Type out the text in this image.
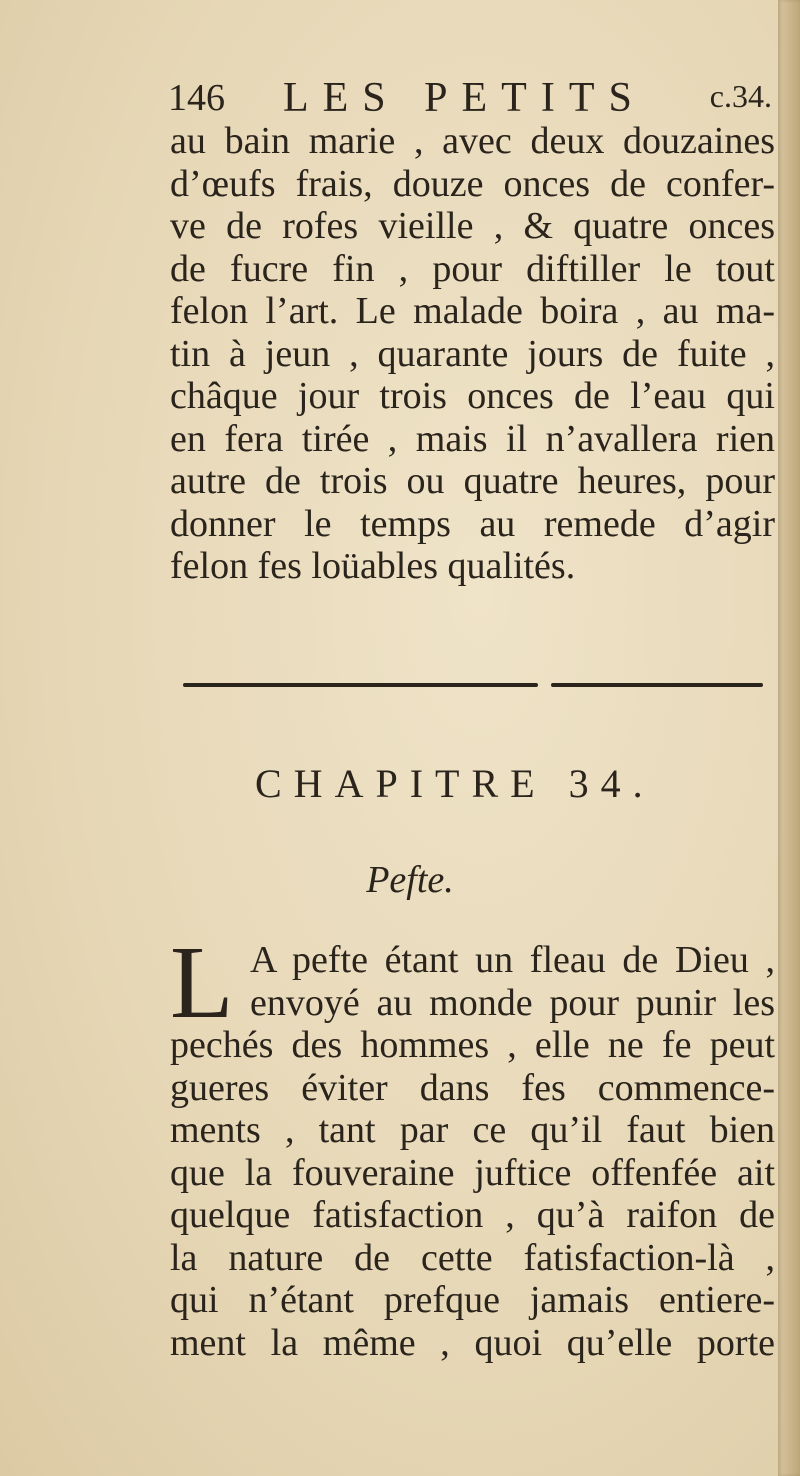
146 LES PETITS c.34.
au bain marie , avec deux douzaines
d’œufs frais, douze onces de confer-
ve de rofes vieille , & quatre onces
de fucre fin , pour diftiller le tout
felon l’art. Le malade boira , au ma-
tin à jeun , quarante jours de fuite ,
châque jour trois onces de l’eau qui
en fera tirée , mais il n’avallera rien
autre de trois ou quatre heures, pour
donner le temps au remede d’agir
felon fes loüables qualités.
CHAPITRE 34.
Pefte.
L A pefte étant un fleau de Dieu ,
envoyé au monde pour punir les
pechés des hommes , elle ne fe peut
gueres éviter dans fes commence-
ments , tant par ce qu’il faut bien
que la fouveraine juftice offenfée ait
quelque fatisfaction , qu’à raifon de
la nature de cette fatisfaction-là ,
qui n’étant prefque jamais entiere-
ment la même , quoi qu’elle porte
